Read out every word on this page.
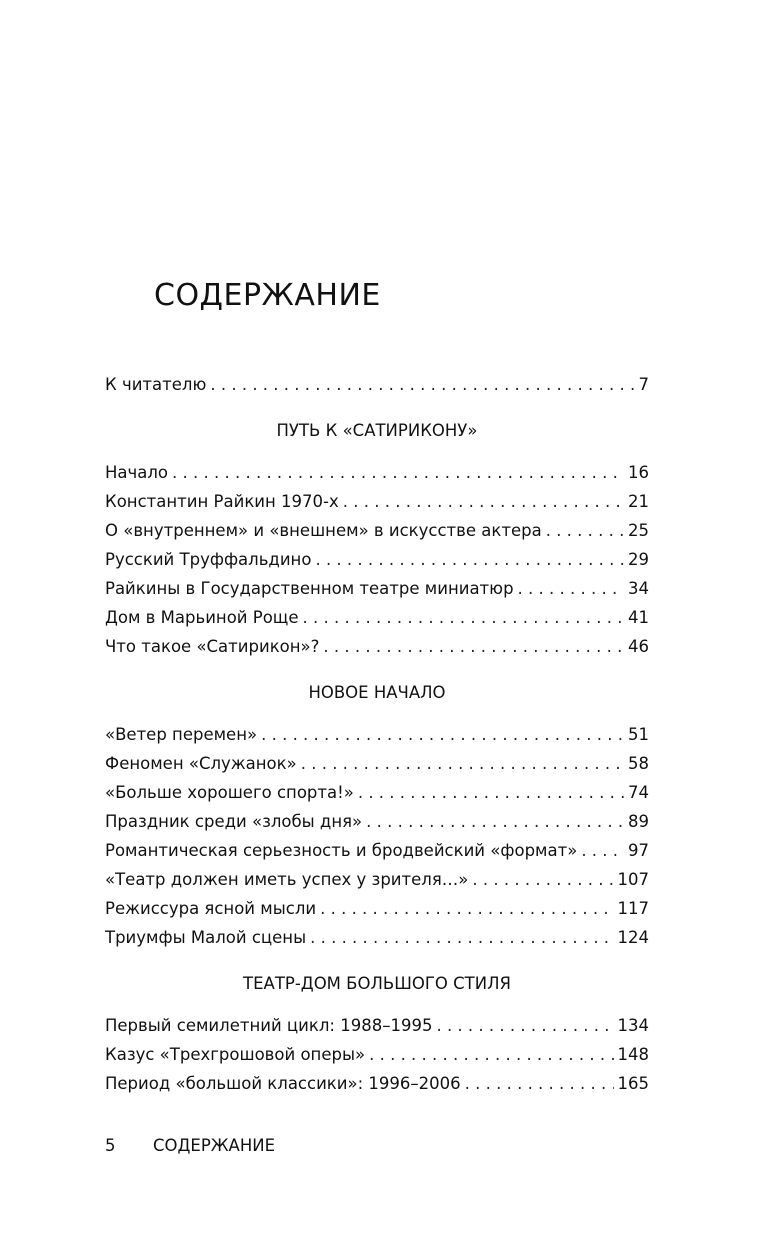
СОДЕРЖАНИЕ
К читателю . . .	7
ПУТЬ К «САТИРИКОНУ»
Начало . . .	16
Константин Райкин 1970-х . . .	21
О «внутреннем» и «внешнем» в искусстве актера . . .	25
Русский Труффальдино . . .	29
Райкины в Государственном театре миниатюр . . .	34
Дом в Марьиной Роще . . .	41
Что такое «Сатирикон»? . . .	46
НОВОЕ НАЧАЛО
«Ветер перемен» . . .	51
Феномен «Служанок» . . .	58
«Больше хорошего спорта!» . . .	74
Праздник среди «злобы дня» . . .	89
Романтическая серьезность и бродвейский «формат» . . .	97
«Театр должен иметь успех у зрителя…» . . .	107
Режиссура ясной мысли . . .	117
Триумфы Малой сцены . . .	124
ТЕАТР-ДОМ БОЛЬШОГО СТИЛЯ
Первый семилетний цикл: 1988–1995 . . .	134
Казус «Трехгрошовой оперы» . . .	148
Период «большой классики»: 1996–2006 . . .	165
5 СОДЕРЖАНИЕ
